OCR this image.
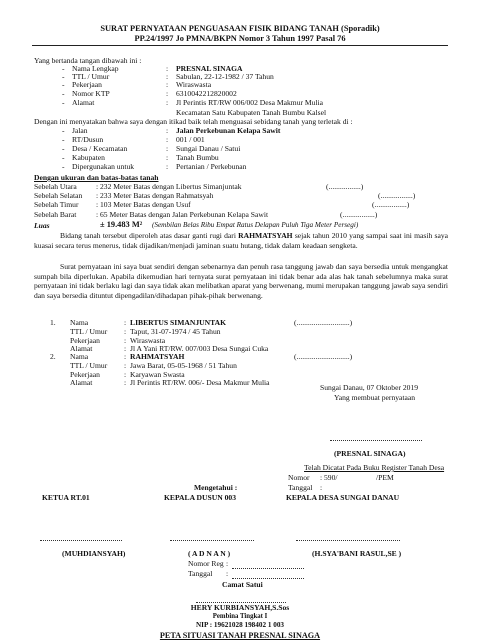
SURAT PERNYATAAN PENGUASAAN FISIK BIDANG TANAH (Sporadik)
PP.24/1997 Jo PMNA/BKPN Nomor 3 Tahun 1997 Pasal 76
Yang bertanda tangan dibawah ini :
- Nama Lengkap	: PRESNAL SINAGA
- TTL / Umur	: Sabulan, 22-12-1982 / 37 Tahun
- Pekerjaan	: Wiraswasta
- Nomor KTP	: 6310042212820002
- Alamat	: Jl Perintis RT/RW 006/002 Desa Makmur Mulia
Kecamatan Satu Kabupaten Tanah Bumbu Kalsel
Dengan ini menyatakan bahwa saya dengan itikad baik telah menguasai sebidang tanah yang terletak di :
- Jalan	: Jalan Perkebunan Kelapa Sawit
- RT/Dusun	: 001 / 001
- Desa / Kecamatan	: Sungai Danau / Satui
- Kabupaten	: Tanah Bumbu
- Dipergunakan untuk	: Pertanian / Perkebunan
Dengan ukuran dan batas-batas tanah
Sebelah Utara	: 232 Meter Batas dengan Libertus Simanjuntak	(.................)
Sebelah Selatan : 233 Meter Batas dengan Rahmatsyah	(.................)
Sebelah Timur : 103 Meter Batas dengan Usuf	(.................)
Sebelah Barat	: 65 Meter Batas dengan Jalan Perkebunan Kelapa Sawit	(.................)
Luas	± 19.483 M² (Sembilan Belas Ribu Empat Ratus Delapan Puluh Tiga Meter Persegi)
Bidang tanah tersebut diperoleh atas dasar ganti rugi dari RAHMATSYAH sejak tahun 2010 yang sampai saat ini masih saya kuasai secara terus menerus, tidak dijadikan/menjadi jaminan suatu hutang, tidak dalam keadaan sengketa.
Surat pernyataan ini saya buat sendiri dengan sebenarnya dan penuh rasa tanggung jawab dan saya bersedia untuk mengangkat sumpah bila diperlukan. Apabila dikemudian hari ternyata surat pernyataan ini tidak benar ada alas hak tanah sebelumnya maka surat pernyataan ini tidak berlaku lagi dan saya tidak akan melibatkan aparat yang berwenang, mumi merupakan tanggung jawab saya sendiri dan saya bersedia dituntut dipengadilan/dihadapan pihak-pihak berwenang.
1. Nama	: LIBERTUS SIMANJUNTAK
TTL / Umur : Taput, 31-07-1974 / 45 Tahun
Pekerjaan	: Wiraswasta
Alamat	: Jl A Yani RT/RW. 007/003 Desa Sungai Cuka
(............................)
2. Nama	: RAHMATSYAH
TTL / Umur : Jawa Barat, 05-05-1968 / 51 Tahun
Pekerjaan	: Karyawan Swasta
Alamat	: Jl Perintis RT/RW. 006/- Desa Makmur Mulia
(............................)
Sungai Danau, 07 Oktober 2019
Yang membuat pernyataan
(PRESNAL SINAGA)
Telah Dicatat Pada Buku Register Tanah Desa
Nomor : 590/	/PEM
Tanggal :
Mengetahui :
KETUA RT.01	KEPALA DUSUN 003	KEPALA DESA SUNGAI DANAU
(MUHDIANSYAH)	( A D N A N )	(H.SYA'BANI RASUL,SE )
Nomor Reg :
Tanggal :
Camat Satui
HERY KURBIANSYAH,S.Sos
Pembina Tingkat I
NIP : 19621028 198402 1 003
PETA SITUASI TANAH PRESNAL SINAGA
